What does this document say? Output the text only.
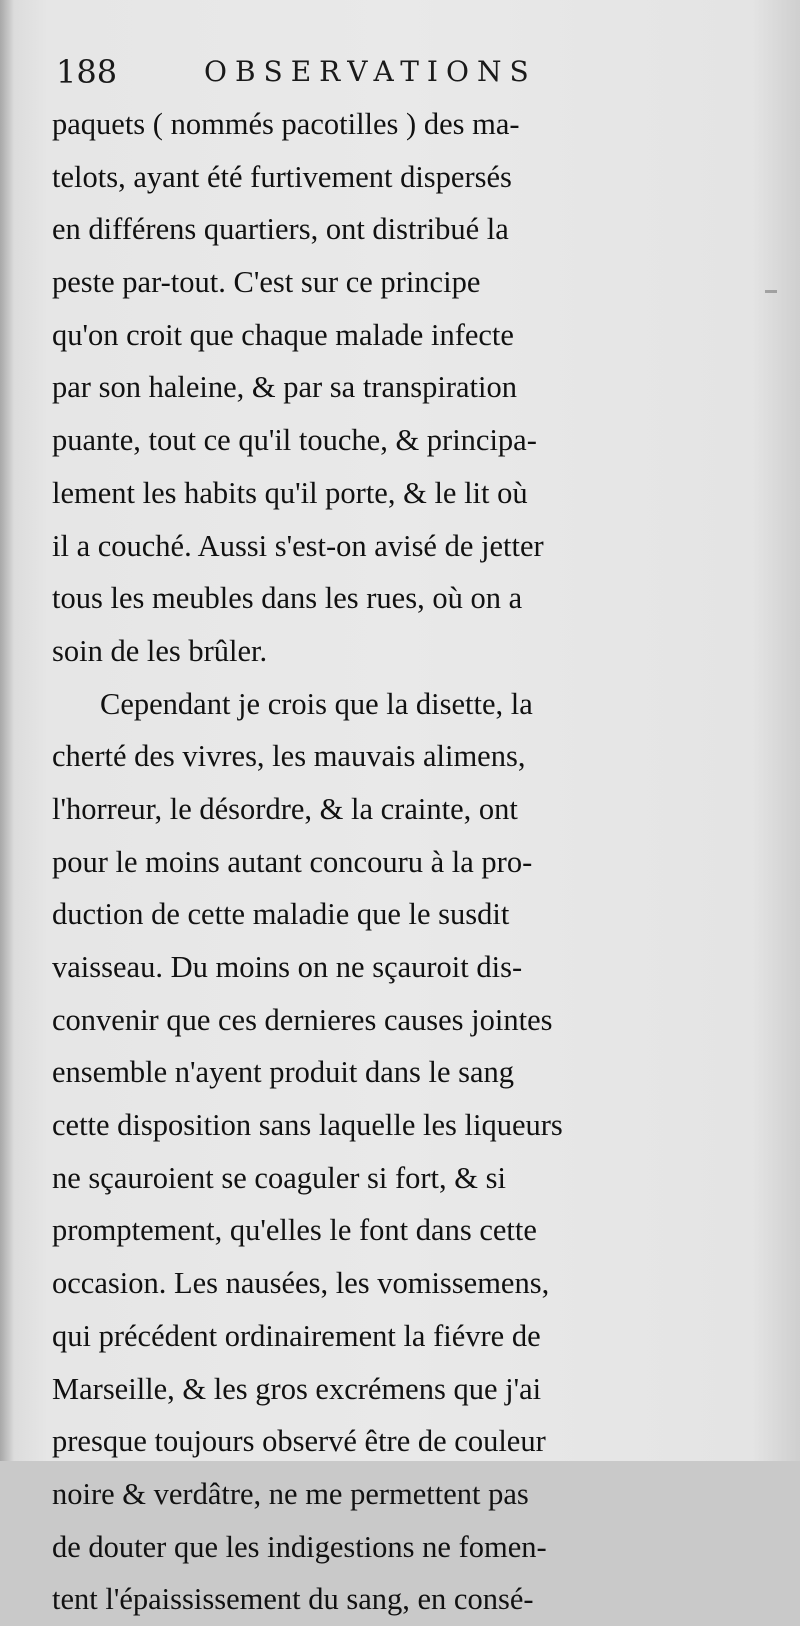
188	OBSERVATIONS
paquets ( nommés pacotilles ) des ma-
telots, ayant été furtivement dispersés
en différens quartiers, ont distribué la
peste par-tout. C'est sur ce principe
qu'on croit que chaque malade infecte
par son haleine, & par sa transpiration
puante, tout ce qu'il touche, & principa-
lement les habits qu'il porte, & le lit où
il a couché. Aussi s'est-on avisé de jetter
tous les meubles dans les rues, où on a
soin de les brûler.
Cependant je crois que la disette, la
cherté des vivres, les mauvais alimens,
l'horreur, le désordre, & la crainte, ont
pour le moins autant concouru à la pro-
duction de cette maladie que le susdit
vaisseau. Du moins on ne sçauroit dis-
convenir que ces dernieres causes jointes
ensemble n'ayent produit dans le sang
cette disposition sans laquelle les liqueurs
ne sçauroient se coaguler si fort, & si
promptement, qu'elles le font dans cette
occasion. Les nausées, les vomissemens,
qui précédent ordinairement la fiévre de
Marseille, & les gros excrémens que j'ai
presque toujours observé être de couleur
noire & verdâtre, ne me permettent pas
de douter que les indigestions ne fomen-
tent l'épaississement du sang, en consé-
